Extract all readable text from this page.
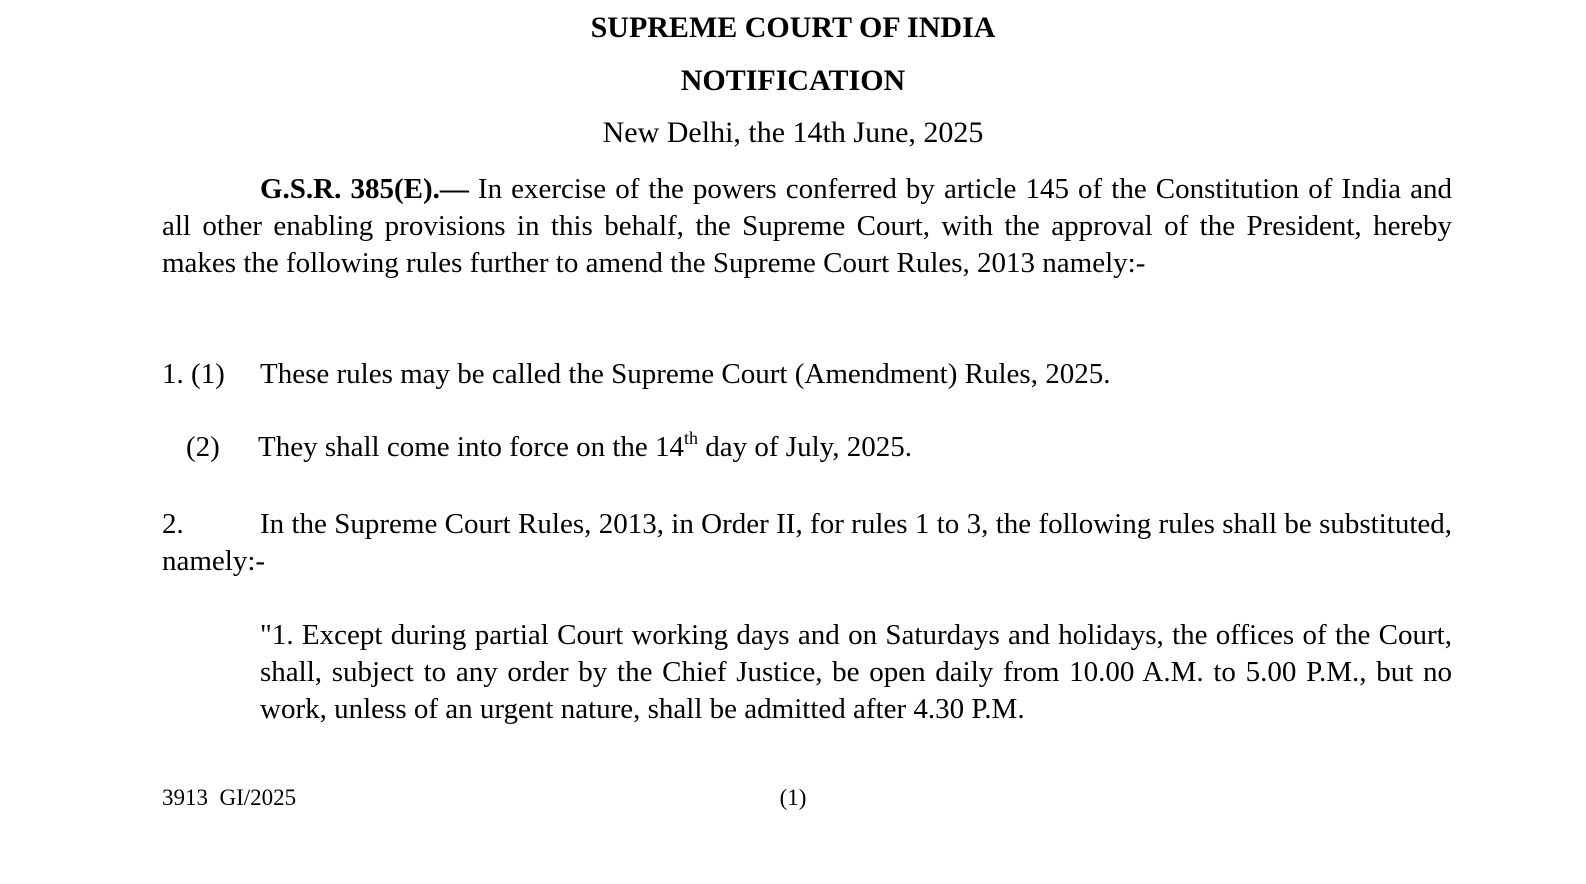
SUPREME COURT OF INDIA
NOTIFICATION
New Delhi, the 14th June, 2025

G.S.R. 385(E).— In exercise of the powers conferred by article 145 of the Constitution of India and all other enabling provisions in this behalf, the Supreme Court, with the approval of the President, hereby makes the following rules further to amend the Supreme Court Rules, 2013 namely:-

1. (1) These rules may be called the Supreme Court (Amendment) Rules, 2025.
(2) They shall come into force on the 14th day of July, 2025.

2.	In the Supreme Court Rules, 2013, in Order II, for rules 1 to 3, the following rules shall be substituted, namely:-

"1. Except during partial Court working days and on Saturdays and holidays, the offices of the Court, shall, subject to any order by the Chief Justice, be open daily from 10.00 A.M. to 5.00 P.M., but no work, unless of an urgent nature, shall be admitted after 4.30 P.M.

3913  GI/2025	(1)
